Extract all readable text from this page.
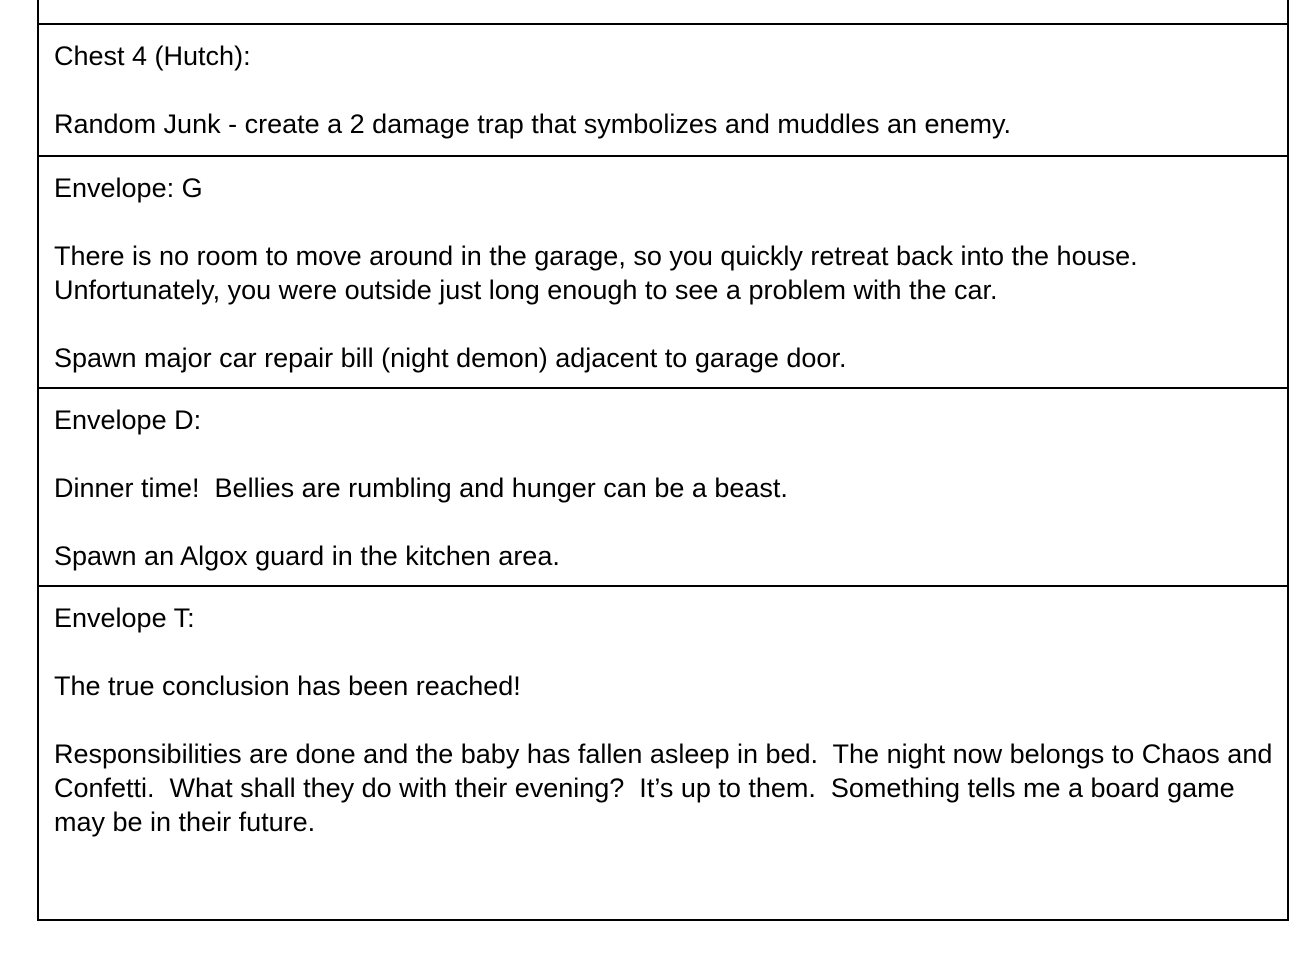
Chest 4 (Hutch):

Random Junk - create a 2 damage trap that symbolizes and muddles an enemy.

Envelope: G

There is no room to move around in the garage, so you quickly retreat back into the house. Unfortunately, you were outside just long enough to see a problem with the car.

Spawn major car repair bill (night demon) adjacent to garage door.

Envelope D:

Dinner time!  Bellies are rumbling and hunger can be a beast.

Spawn an Algox guard in the kitchen area.

Envelope T:

The true conclusion has been reached!

Responsibilities are done and the baby has fallen asleep in bed.  The night now belongs to Chaos and Confetti.  What shall they do with their evening?  It’s up to them.  Something tells me a board game may be in their future.
